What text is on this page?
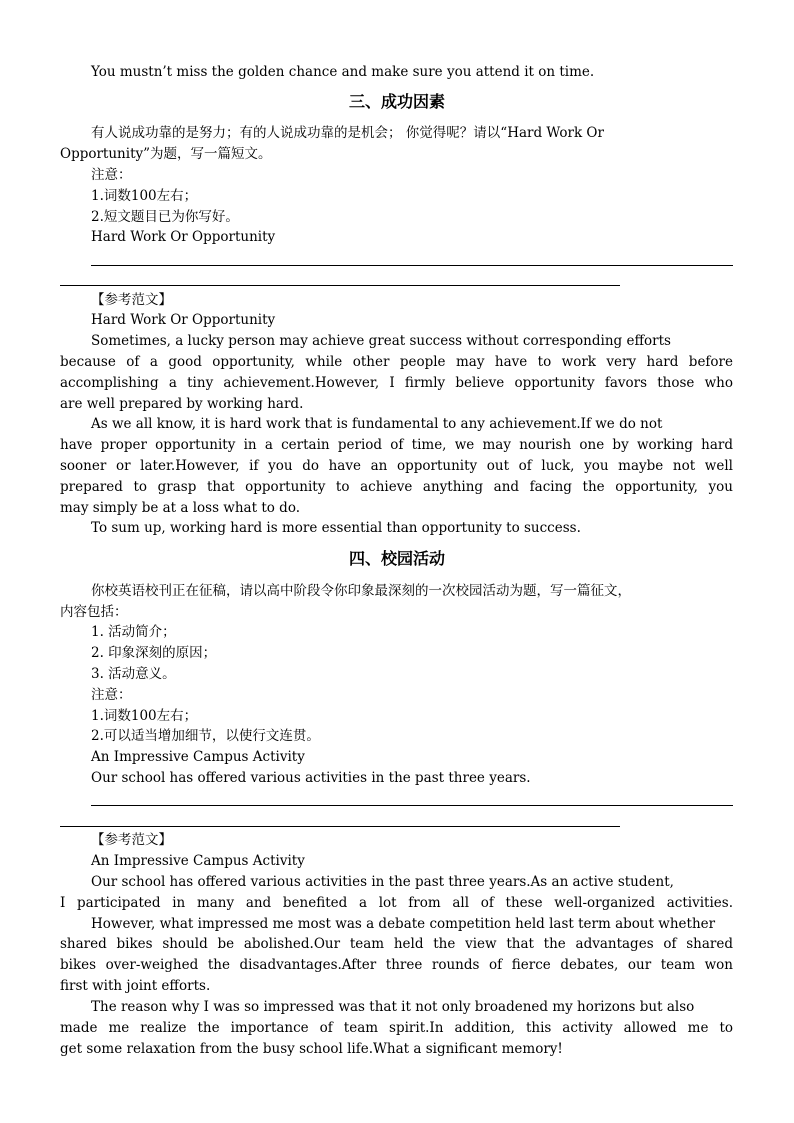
You mustn’t miss the golden chance and make sure you attend it on time.
三、成功因素
有人说成功靠的是努力；有的人说成功靠的是机会； 你觉得呢？请以“Hard Work Or
Opportunity”为题，写一篇短文。
注意：
1.词数100左右；
2.短文题目已为你写好。
Hard Work Or Opportunity
【参考范文】
Hard Work Or Opportunity
Sometimes, a lucky person may achieve great success without corresponding efforts
because of a good opportunity, while other people may have to work very hard before
accomplishing a tiny achievement.However, I firmly believe opportunity favors those who
are well prepared by working hard.
As we all know, it is hard work that is fundamental to any achievement.If we do not
have proper opportunity in a certain period of time, we may nourish one by working hard
sooner or later.However, if you do have an opportunity out of luck, you maybe not well
prepared to grasp that opportunity to achieve anything and facing the opportunity, you
may simply be at a loss what to do.
To sum up, working hard is more essential than opportunity to success.
四、校园活动
你校英语校刊正在征稿，请以高中阶段令你印象最深刻的一次校园活动为题，写一篇征文，
内容包括：
1. 活动简介；
2. 印象深刻的原因；
3. 活动意义。
注意：
1.词数100左右；
2.可以适当增加细节，以使行文连贯。
An Impressive Campus Activity
Our school has offered various activities in the past three years.
【参考范文】
An Impressive Campus Activity
Our school has offered various activities in the past three years.As an active student,
I participated in many and benefited a lot from all of these well-organized activities.
However, what impressed me most was a debate competition held last term about whether
shared bikes should be abolished.Our team held the view that the advantages of shared
bikes over-weighed the disadvantages.After three rounds of fierce debates, our team won
first with joint efforts.
The reason why I was so impressed was that it not only broadened my horizons but also
made me realize the importance of team spirit.In addition, this activity allowed me to
get some relaxation from the busy school life.What a significant memory!
